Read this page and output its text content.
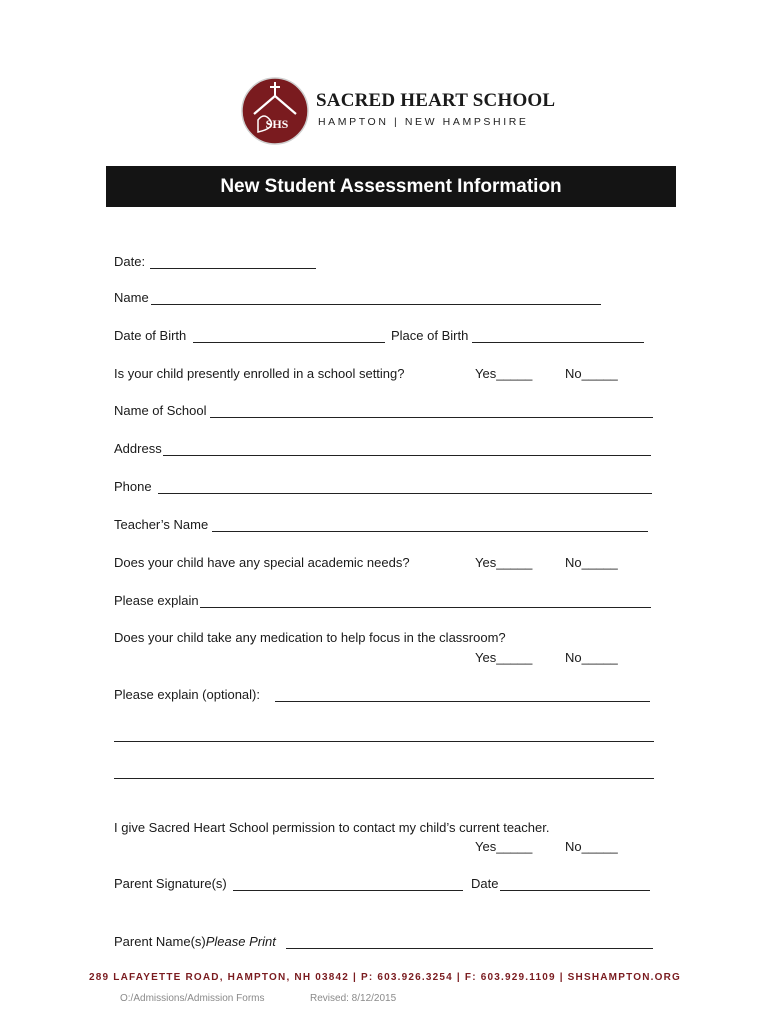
SHS
SACRED HEART SCHOOL
HAMPTON | NEW HAMPSHIRE
New Student Assessment Information
Date:
Name
Date of Birth	Place of Birth
Is your child presently enrolled in a school setting?	Yes_____	No_____
Name of School
Address
Phone
Teacher’s Name
Does your child have any special academic needs?	Yes_____	No_____
Please explain
Does your child take any medication to help focus in the classroom?
Yes_____	No_____
Please explain (optional):
I give Sacred Heart School permission to contact my child’s current teacher.
Yes_____	No_____
Parent Signature(s)	Date
Parent Name(s)Please Print
289 LAFAYETTE ROAD, HAMPTON, NH 03842 | P: 603.926.3254 | F: 603.929.1109 | SHSHAMPTON.ORG
O:/Admissions/Admission Forms	Revised: 8/12/2015
